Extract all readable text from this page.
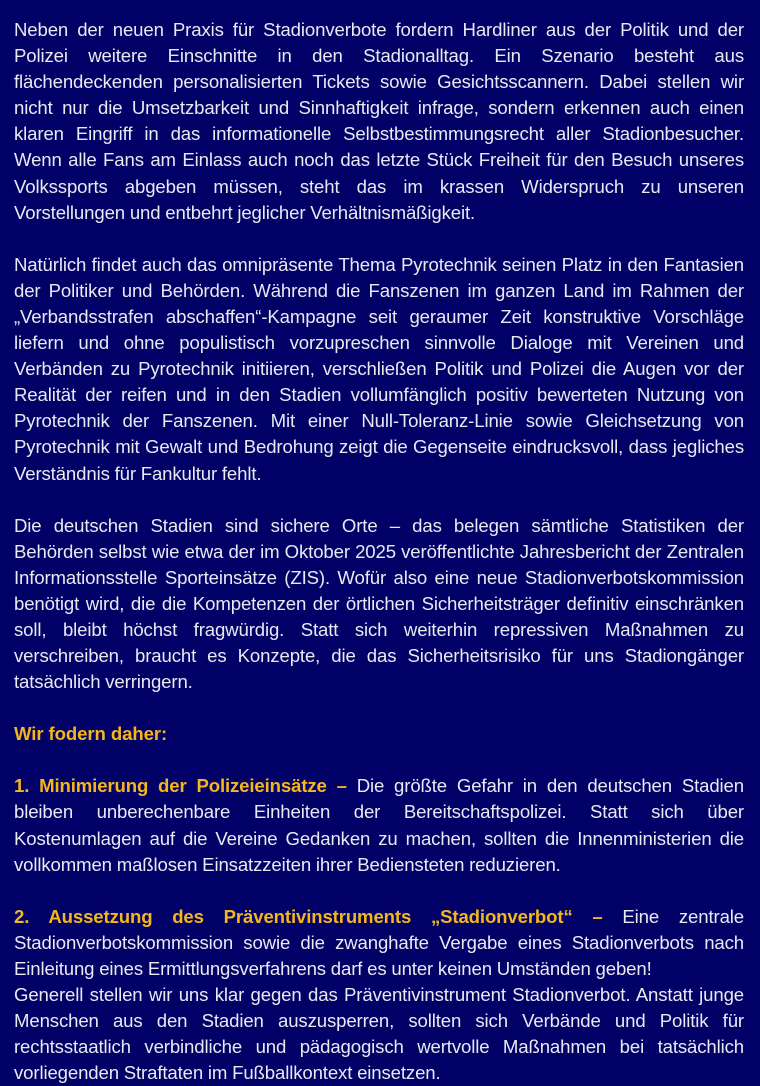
Neben der neuen Praxis für Stadionverbote fordern Hardliner aus der Politik und der Polizei weitere Einschnitte in den Stadionalltag. Ein Szenario besteht aus flächendeckenden personalisierten Tickets sowie Gesichtsscannern. Dabei stellen wir nicht nur die Umsetzbarkeit und Sinnhaftigkeit infrage, sondern erkennen auch einen klaren Eingriff in das informationelle Selbstbestimmungsrecht aller Stadionbesucher. Wenn alle Fans am Einlass auch noch das letzte Stück Freiheit für den Besuch unseres Volkssports abgeben müssen, steht das im krassen Widerspruch zu unseren Vorstellungen und entbehrt jeglicher Verhältnismäßigkeit.

Natürlich findet auch das omnipräsente Thema Pyrotechnik seinen Platz in den Fantasien der Politiker und Behörden. Während die Fanszenen im ganzen Land im Rahmen der „Verbandsstrafen abschaffen“-Kampagne seit geraumer Zeit konstruktive Vorschläge liefern und ohne populistisch vorzupreschen sinnvolle Dialoge mit Vereinen und Verbänden zu Pyrotechnik initiieren, verschließen Politik und Polizei die Augen vor der Realität der reifen und in den Stadien vollumfänglich positiv bewerteten Nutzung von Pyrotechnik der Fanszenen. Mit einer Null-Toleranz-Linie sowie Gleichsetzung von Pyrotechnik mit Gewalt und Bedrohung zeigt die Gegenseite eindrucksvoll, dass jegliches Verständnis für Fankultur fehlt.

Die deutschen Stadien sind sichere Orte – das belegen sämtliche Statistiken der Behörden selbst wie etwa der im Oktober 2025 veröffentlichte Jahresbericht der Zentralen Informationsstelle Sporteinsätze (ZIS). Wofür also eine neue Stadionverbotskommission benötigt wird, die die Kompetenzen der örtlichen Sicherheitsträger definitiv einschränken soll, bleibt höchst fragwürdig. Statt sich weiterhin repressiven Maßnahmen zu verschreiben, braucht es Konzepte, die das Sicherheitsrisiko für uns Stadiongänger tatsächlich verringern.

Wir fodern daher:

1. Minimierung der Polizeieinsätze – Die größte Gefahr in den deutschen Stadien bleiben unberechenbare Einheiten der Bereitschaftspolizei. Statt sich über Kostenumlagen auf die Vereine Gedanken zu machen, sollten die Innenministerien die vollkommen maßlosen Einsatzzeiten ihrer Bediensteten reduzieren.

2. Aussetzung des Präventivinstruments „Stadionverbot“ – Eine zentrale Stadionverbotskommission sowie die zwanghafte Vergabe eines Stadionverbots nach Einleitung eines Ermittlungsverfahrens darf es unter keinen Umständen geben!
Generell stellen wir uns klar gegen das Präventivinstrument Stadionverbot. Anstatt junge Menschen aus den Stadien auszusperren, sollten sich Verbände und Politik für rechtsstaatlich verbindliche und pädagogisch wertvolle Maßnahmen bei tatsächlich vorliegenden Straftaten im Fußballkontext einsetzen.
